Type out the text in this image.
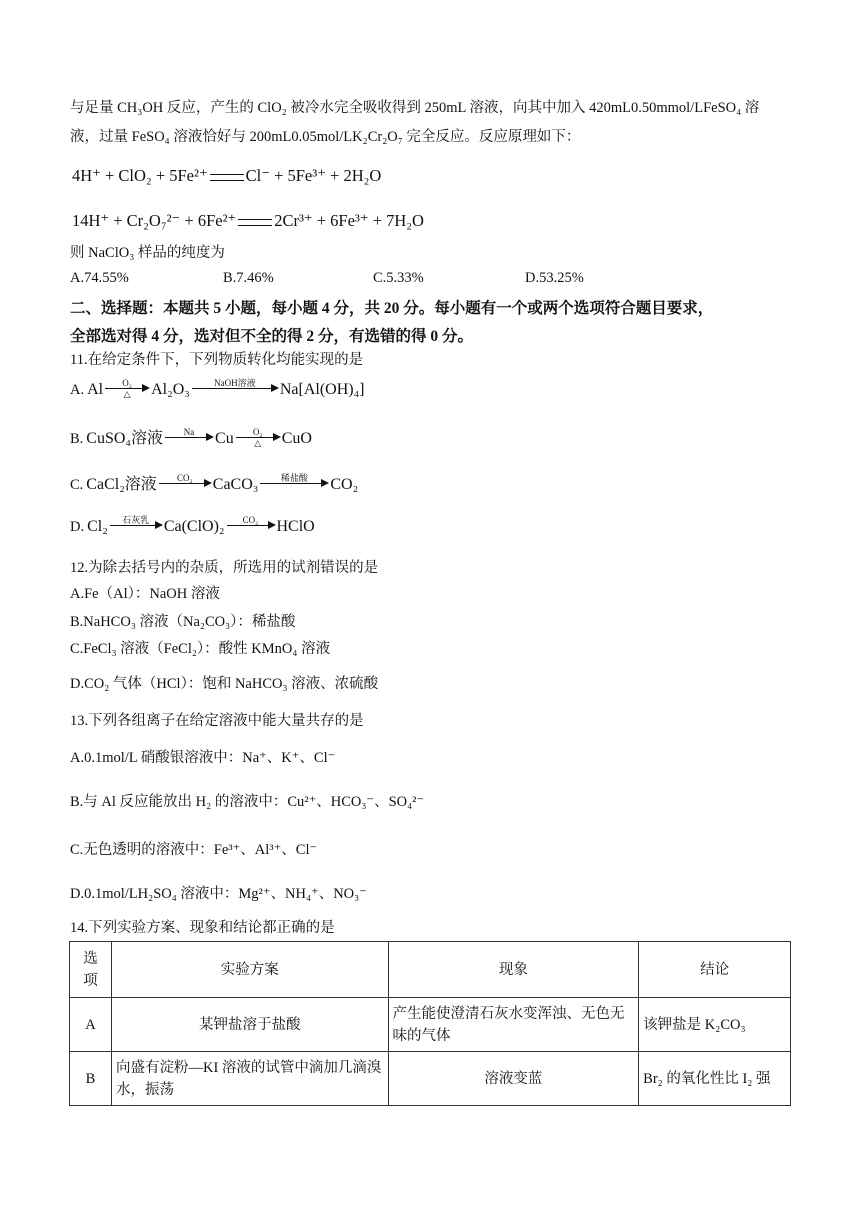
与足量 CH₃OH 反应，产生的 ClO₂ 被冷水完全吸收得到 250mL 溶液，向其中加入 420mL0.50mmol/LFeSO₄ 溶
液，过量 FeSO₄ 溶液恰好与 200mL0.05mol/LK₂Cr₂O₇ 完全反应。反应原理如下：
4H⁺ + ClO₂ + 5Fe²⁺ Cl⁻ + 5Fe³⁺ + 2H₂O
14H⁺ + Cr₂O₇²⁻ + 6Fe²⁺ 2Cr³⁺ + 6Fe³⁺ + 7H₂O
则 NaClO₃ 样品的纯度为
A.74.55%	B.7.46%	C.5.33%	D.53.25%
二、选择题：本题共 5 小题，每小题 4 分，共 20 分。每小题有一个或两个选项符合题目要求，
全部选对得 4 分，选对但不全的得 2 分，有选错的得 0 分。
11.在给定条件下，下列物质转化均能实现的是
A. Al	O₂
△	Al₂O₃	NaOH溶液	Na[Al(OH)₄]
B. CuSO₄溶液	Na	Cu	O₂
△	CuO
C. CaCl₂溶液	CO₂	CaCO₃	稀盐酸	CO₂
D. Cl₂	石灰乳 Ca(ClO)₂	CO₂	HClO
12.为除去括号内的杂质，所选用的试剂错误的是
A.Fe（Al）：NaOH 溶液
B.NaHCO₃ 溶液（Na₂CO₃）：稀盐酸
C.FeCl₃ 溶液（FeCl₂）：酸性 KMnO₄ 溶液
D.CO₂ 气体（HCl）：饱和 NaHCO₃ 溶液、浓硫酸
13.下列各组离子在给定溶液中能大量共存的是
A.0.1mol/L 硝酸银溶液中：Na⁺、K⁺、Cl⁻
B.与 Al 反应能放出 H₂ 的溶液中：Cu²⁺、HCO₃⁻、SO₄²⁻
C.无色透明的溶液中：Fe³⁺、Al³⁺、Cl⁻
D.0.1mol/LH₂SO₄ 溶液中：Mg²⁺、NH₄⁺、NO₃⁻
14.下列实验方案、现象和结论都正确的是
选项	实验方案	现象	结论
A	某钾盐溶于盐酸	产生能使澄清石灰水变浑浊、无色无味的气体	该钾盐是 K₂CO₃
B	向盛有淀粉—KI 溶液的试管中滴加几滴溴水，振荡	溶液变蓝	Br₂ 的氧化性比 I₂ 强
